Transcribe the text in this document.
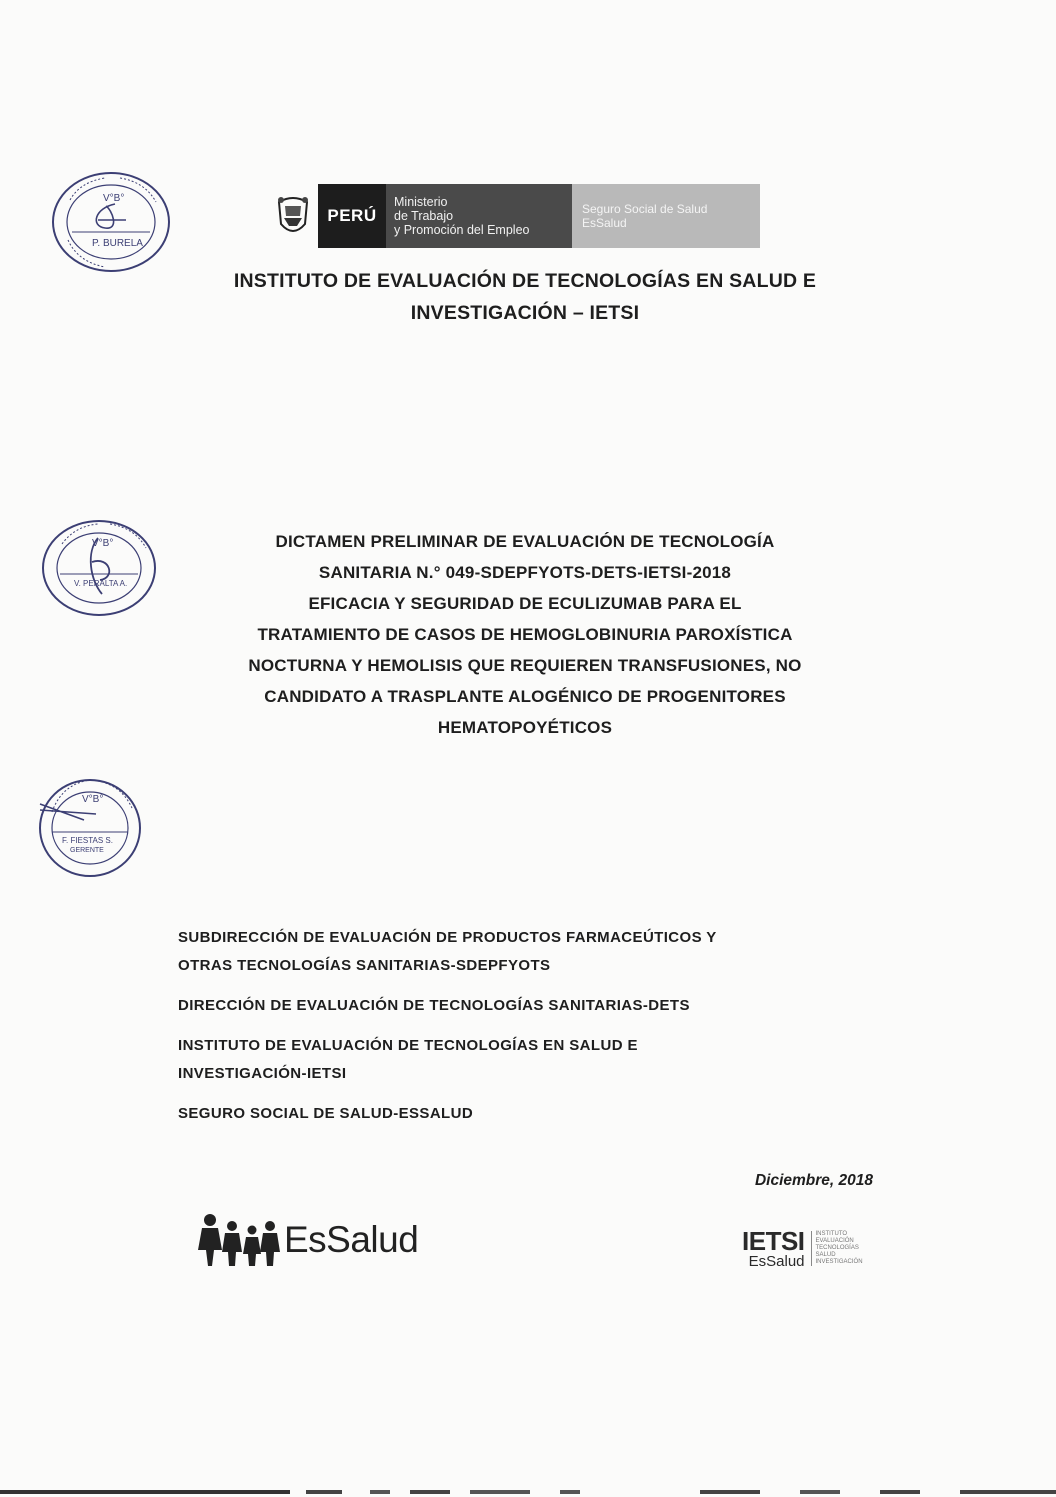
V°B°
P. BURELA
PERÚ
Ministerio
de Trabajo
y Promoción del Empleo
Seguro Social de Salud
EsSalud
INSTITUTO DE EVALUACIÓN DE TECNOLOGÍAS EN SALUD E
INVESTIGACIÓN – IETSI
V°B°
V. PERALTA A.
DICTAMEN PRELIMINAR DE EVALUACIÓN DE TECNOLOGÍA
SANITARIA N.° 049-SDEPFYOTS-DETS-IETSI-2018
EFICACIA Y SEGURIDAD DE ECULIZUMAB PARA EL
TRATAMIENTO DE CASOS DE HEMOGLOBINURIA PAROXÍSTICA
NOCTURNA Y HEMOLISIS QUE REQUIEREN TRANSFUSIONES, NO
CANDIDATO A TRASPLANTE ALOGÉNICO DE PROGENITORES
HEMATOPOYÉTICOS
V°B°
F. FIESTAS S.
GERENTE
SUBDIRECCIÓN DE EVALUACIÓN DE PRODUCTOS FARMACEÚTICOS Y
OTRAS TECNOLOGÍAS SANITARIAS-SDEPFYOTS
DIRECCIÓN DE EVALUACIÓN DE TECNOLOGÍAS SANITARIAS-DETS
INSTITUTO DE EVALUACIÓN DE TECNOLOGÍAS EN SALUD E
INVESTIGACIÓN-IETSI
SEGURO SOCIAL DE SALUD-ESSALUD
Diciembre, 2018
EsSalud	IETSI
EsSalud
INSTITUTO
EVALUACIÓN
TECNOLOGÍAS
SALUD
INVESTIGACIÓN
